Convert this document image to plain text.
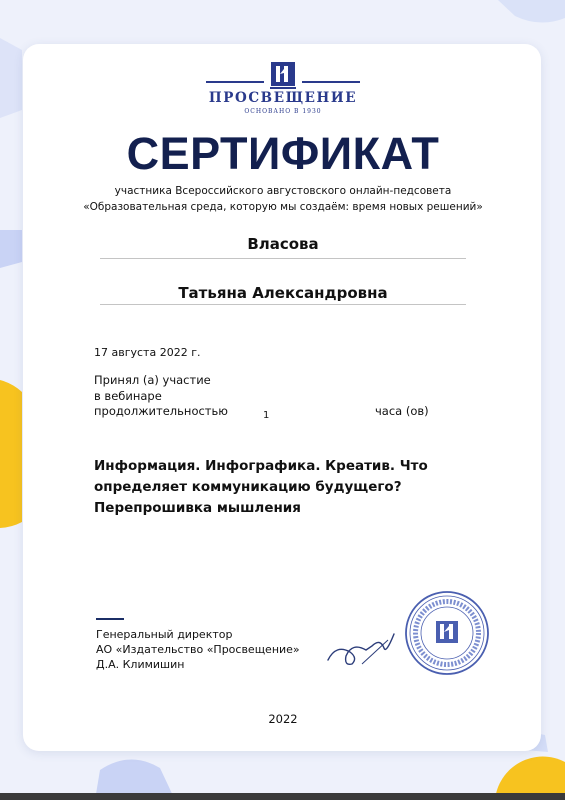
ПРОСВЕЩЕНИЕ
ОСНОВАНО В 1930
СЕРТИФИКАТ
участника Всероссийского августовского онлайн-педсовета
«Образовательная среда, которую мы создаём: время новых решений»
Власова
Татьяна Александровна
17 августа 2022 г.
Принял (а) участие
в вебинаре
продолжительностью	1	часа (ов)
Информация. Инфографика. Креатив. Что
определяет коммуникацию будущего?
Перепрошивка мышления
Генеральный директор
АО «Издательство «Просвещение»
Д.А. Климишин
2022
